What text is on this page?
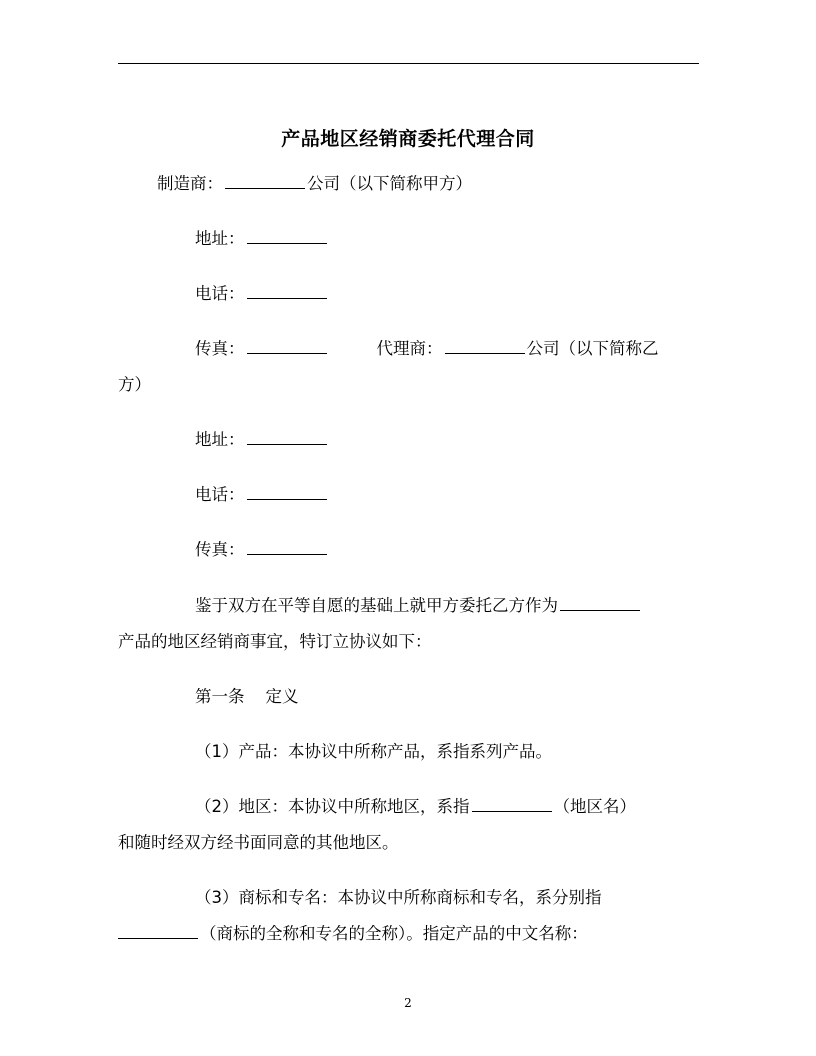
产品地区经销商委托代理合同
制造商：	公司（以下简称甲方）
地址：
电话：
传真：	代理商：	公司（以下简称乙
方）
地址：
电话：
传真：
鉴于双方在平等自愿的基础上就甲方委托乙方作为
产品的地区经销商事宜，特订立协议如下：
第一条    定义
（1）产品：本协议中所称产品，系指系列产品。
（2）地区：本协议中所称地区，系指	（地区名）
和随时经双方经书面同意的其他地区。
（3）商标和专名：本协议中所称商标和专名，系分别指
（商标的全称和专名的全称）。指定产品的中文名称：
2
